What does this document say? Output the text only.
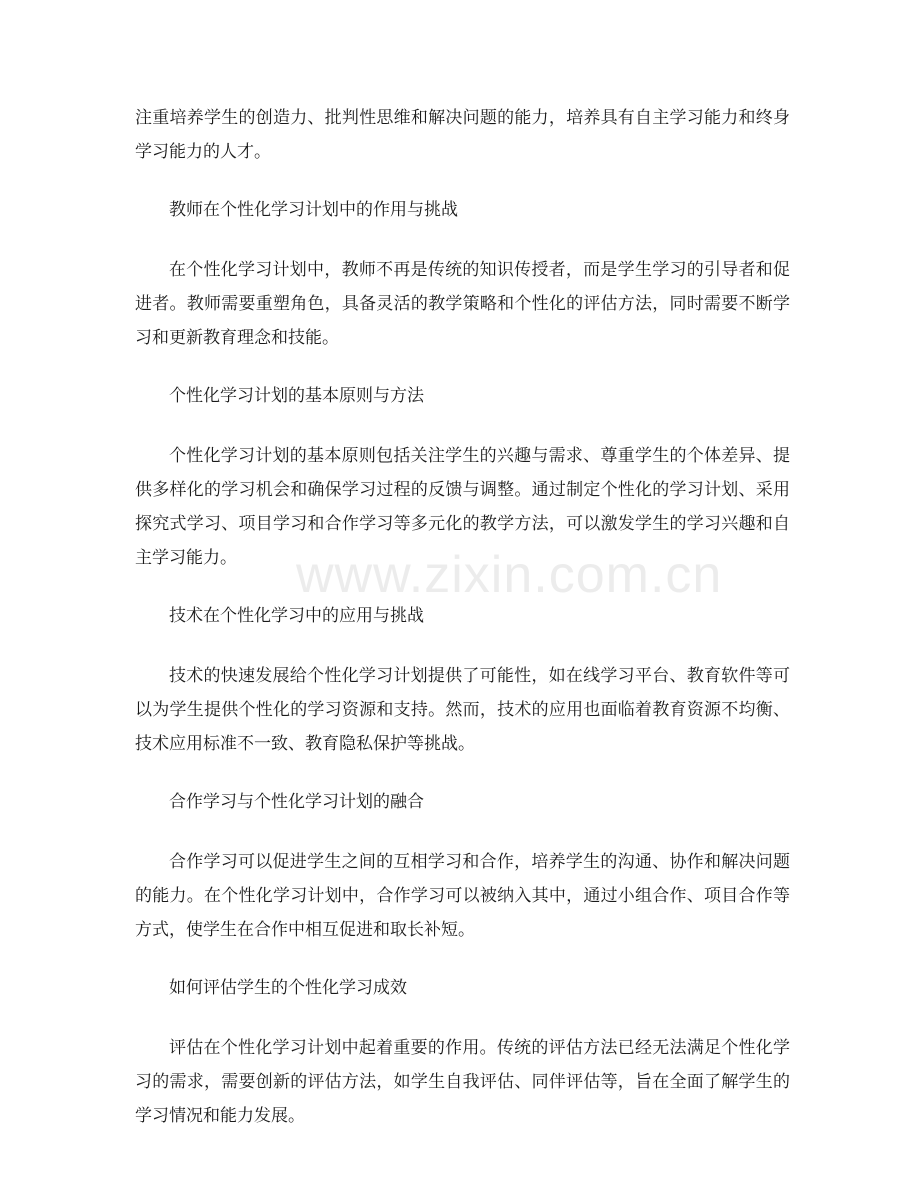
注重培养学生的创造力、批判性思维和解决问题的能力，培养具有自主学习能力和终身学习能力的人才。

教师在个性化学习计划中的作用与挑战

在个性化学习计划中，教师不再是传统的知识传授者，而是学生学习的引导者和促进者。教师需要重塑角色，具备灵活的教学策略和个性化的评估方法，同时需要不断学习和更新教育理念和技能。

个性化学习计划的基本原则与方法

个性化学习计划的基本原则包括关注学生的兴趣与需求、尊重学生的个体差异、提供多样化的学习机会和确保学习过程的反馈与调整。通过制定个性化的学习计划、采用探究式学习、项目学习和合作学习等多元化的教学方法，可以激发学生的学习兴趣和自主学习能力。

技术在个性化学习中的应用与挑战

技术的快速发展给个性化学习计划提供了可能性，如在线学习平台、教育软件等可以为学生提供个性化的学习资源和支持。然而，技术的应用也面临着教育资源不均衡、技术应用标准不一致、教育隐私保护等挑战。

合作学习与个性化学习计划的融合

合作学习可以促进学生之间的互相学习和合作，培养学生的沟通、协作和解决问题的能力。在个性化学习计划中，合作学习可以被纳入其中，通过小组合作、项目合作等方式，使学生在合作中相互促进和取长补短。

如何评估学生的个性化学习成效

评估在个性化学习计划中起着重要的作用。传统的评估方法已经无法满足个性化学习的需求，需要创新的评估方法，如学生自我评估、同伴评估等，旨在全面了解学生的学习情况和能力发展。

www.zixin.com.cn
